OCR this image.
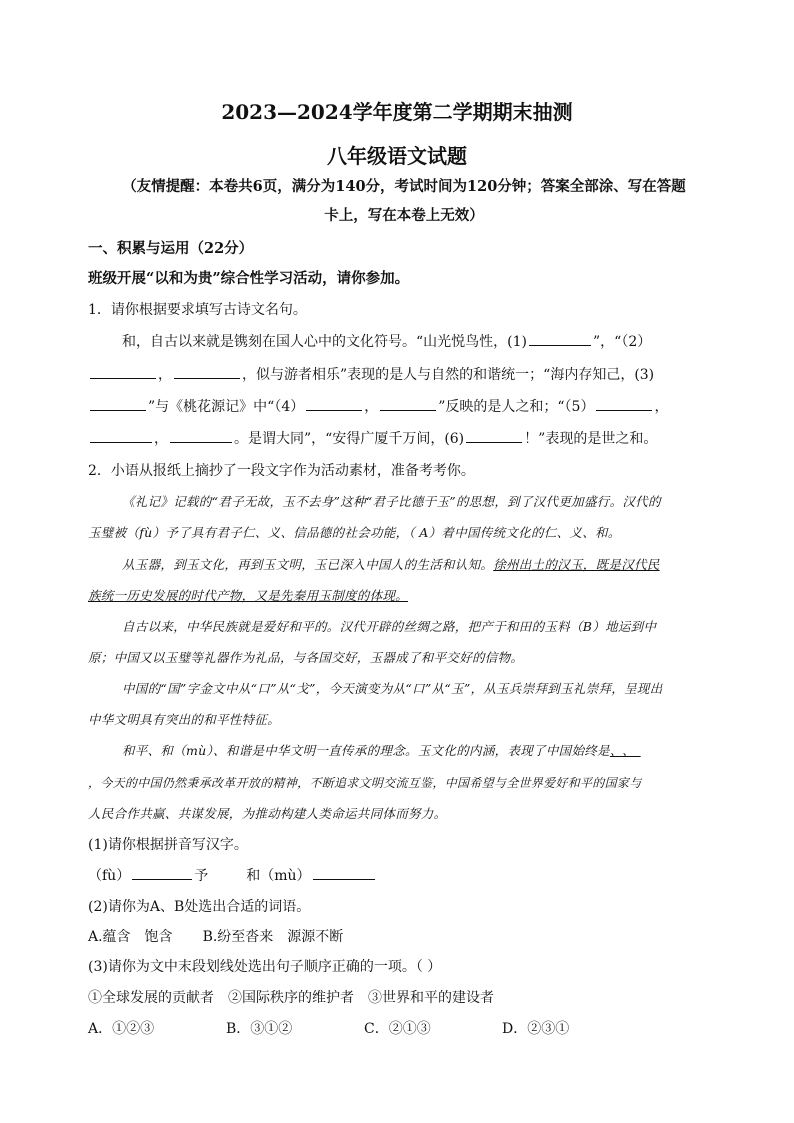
2023—2024学年度第二学期期末抽测
八年级语文试题
（友情提醒：本卷共6页，满分为140分，考试时间为120分钟；答案全部涂、写在答题
卡上，写在本卷上无效）
一、积累与运用（22分）
班级开展“以和为贵”综合性学习活动，请你参加。
1．请你根据要求填写古诗文名句。
和，自古以来就是镌刻在国人心中的文化符号。“山光悦鸟性，(1)	”，“（2）
，	，似与游者相乐”表现的是人与自然的和谐统一；“海内存知己，(3)
”与《桃花源记》中“（4）	，	”反映的是人之和；“（5）	，
，	。是谓大同”，“安得广厦千万间，(6)	！”表现的是世之和。
2．小语从报纸上摘抄了一段文字作为活动素材，准备考考你。
《礼记》记载的“君子无故，玉不去身”这种“君子比德于玉”的思想，到了汉代更加盛行。汉代的
玉璧被（fù）予了具有君子仁、义、信品德的社会功能，（ A）着中国传统文化的仁、义、和。
从玉器，到玉文化，再到玉文明，玉已深入中国人的生活和认知。徐州出土的汉玉，既是汉代民
族统一历史发展的时代产物，又是先秦用玉制度的体现。
自古以来，中华民族就是爱好和平的。汉代开辟的丝绸之路，把产于和田的玉料（B）地运到中
原；中国又以玉璧等礼器作为礼品，与各国交好，玉器成了和平交好的信物。
中国的“国”字金文中从“口”从“戈”，今天演变为从“口”从“玉”，从玉兵崇拜到玉礼崇拜，呈现出
中华文明具有突出的和平性特征。
和平、和（mù）、和谐是中华文明一直传承的理念。玉文化的内涵，表现了中国始终是、、
，今天的中国仍然秉承改革开放的精神，不断追求文明交流互鉴，中国希望与全世界爱好和平的国家与
人民合作共赢、共谋发展，为推动构建人类命运共同体而努力。
(1)请你根据拼音写汉字。
（fù）	予	和（mù）
(2)请你为A、B处选出合适的词语。
A.蕴含　饱含 B.纷至沓来　源源不断
(3)请你为文中末段划线处选出句子顺序正确的一项。（ ）
①全球发展的贡献者　②国际秩序的维护者　③世界和平的建设者
A．①②③	B．③①②	C．②①③	D．②③①
